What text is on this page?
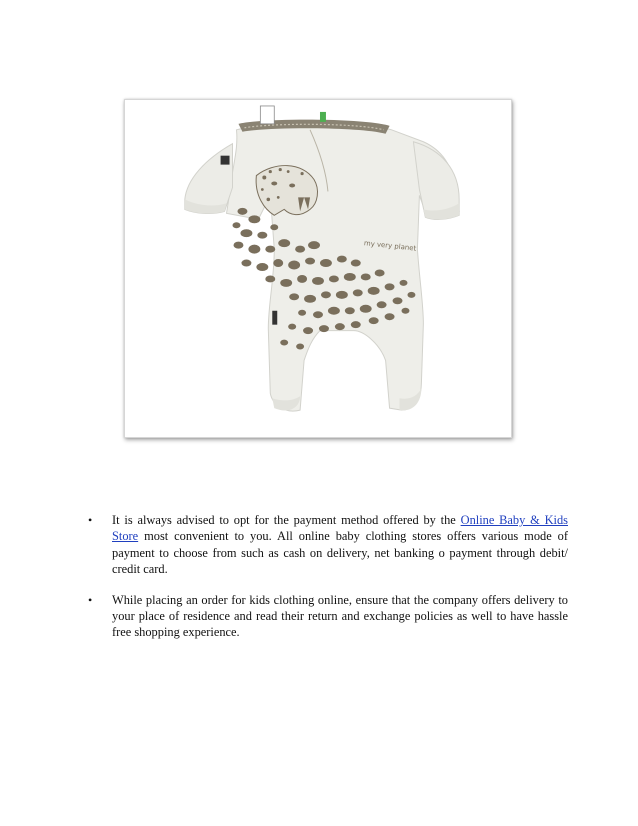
my very planet
• It is always advised to opt for the payment method offered by the Online Baby & Kids Store most convenient to you. All online baby clothing stores offers various mode of payment to choose from such as cash on delivery, net banking o payment through debit/ credit card.
• While placing an order for kids clothing online, ensure that the company offers delivery to your place of residence and read their return and exchange policies as well to have hassle free shopping experience.
